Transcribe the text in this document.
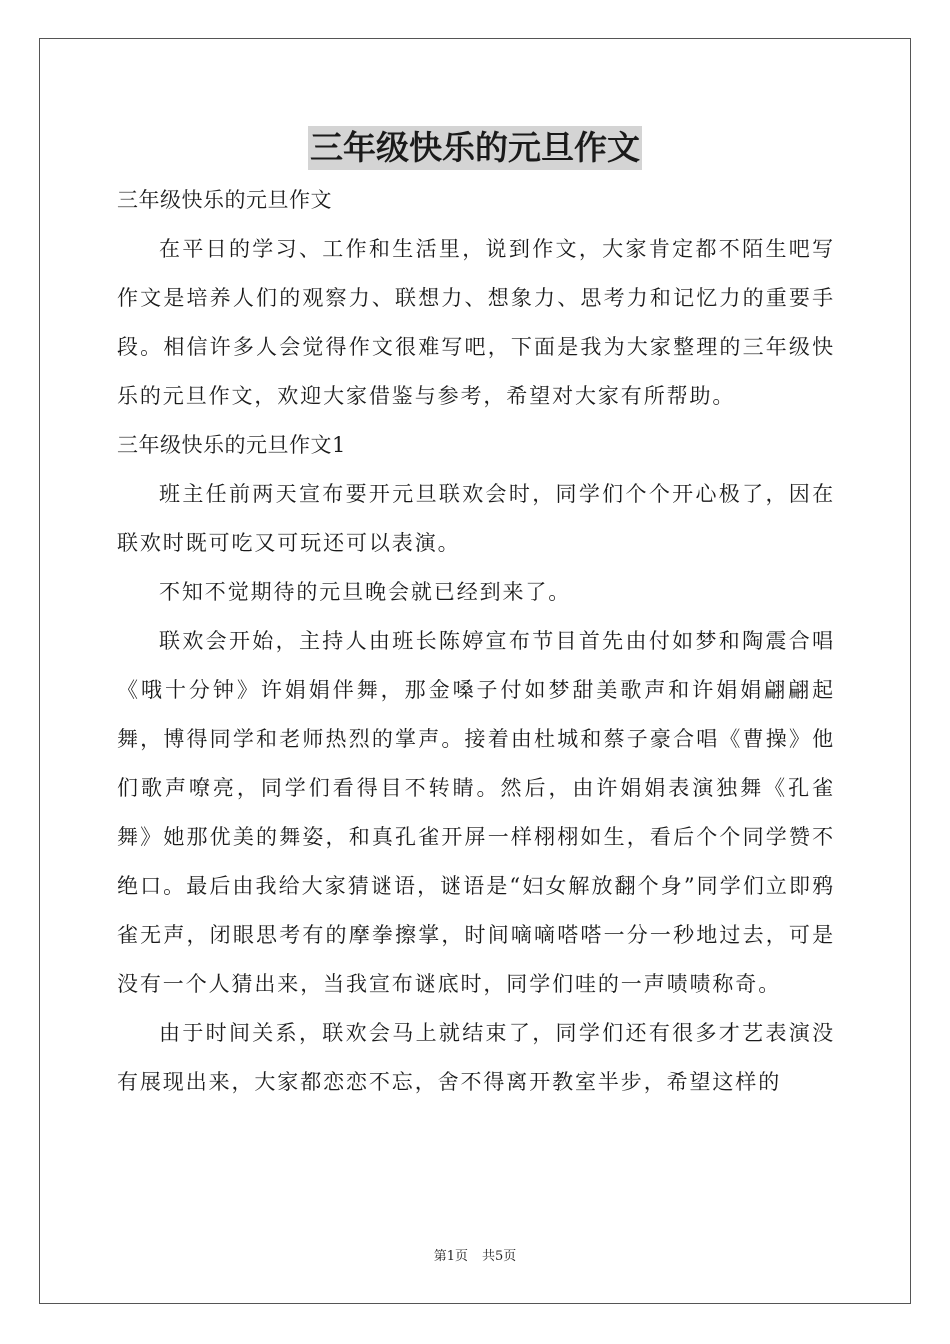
三年级快乐的元旦作文

三年级快乐的元旦作文

在平日的学习、工作和生活里，说到作文，大家肯定都不陌生吧写作文是培养人们的观察力、联想力、想象力、思考力和记忆力的重要手段。相信许多人会觉得作文很难写吧，下面是我为大家整理的三年级快乐的元旦作文，欢迎大家借鉴与参考，希望对大家有所帮助。

三年级快乐的元旦作文1

班主任前两天宣布要开元旦联欢会时，同学们个个开心极了，因在联欢时既可吃又可玩还可以表演。

不知不觉期待的元旦晚会就已经到来了。

联欢会开始，主持人由班长陈婷宣布节目首先由付如梦和陶震合唱《哦十分钟》许娟娟伴舞，那金嗓子付如梦甜美歌声和许娟娟翩翩起舞，博得同学和老师热烈的掌声。接着由杜城和蔡子豪合唱《曹操》他们歌声嘹亮，同学们看得目不转睛。然后，由许娟娟表演独舞《孔雀舞》她那优美的舞姿，和真孔雀开屏一样栩栩如生，看后个个同学赞不绝口。最后由我给大家猜谜语，谜语是“妇女解放翻个身”同学们立即鸦雀无声，闭眼思考有的摩拳擦掌，时间嘀嘀嗒嗒一分一秒地过去，可是没有一个人猜出来，当我宣布谜底时，同学们哇的一声啧啧称奇。

由于时间关系，联欢会马上就结束了，同学们还有很多才艺表演没有展现出来，大家都恋恋不忘，舍不得离开教室半步，希望这样的

第1页 共5页
